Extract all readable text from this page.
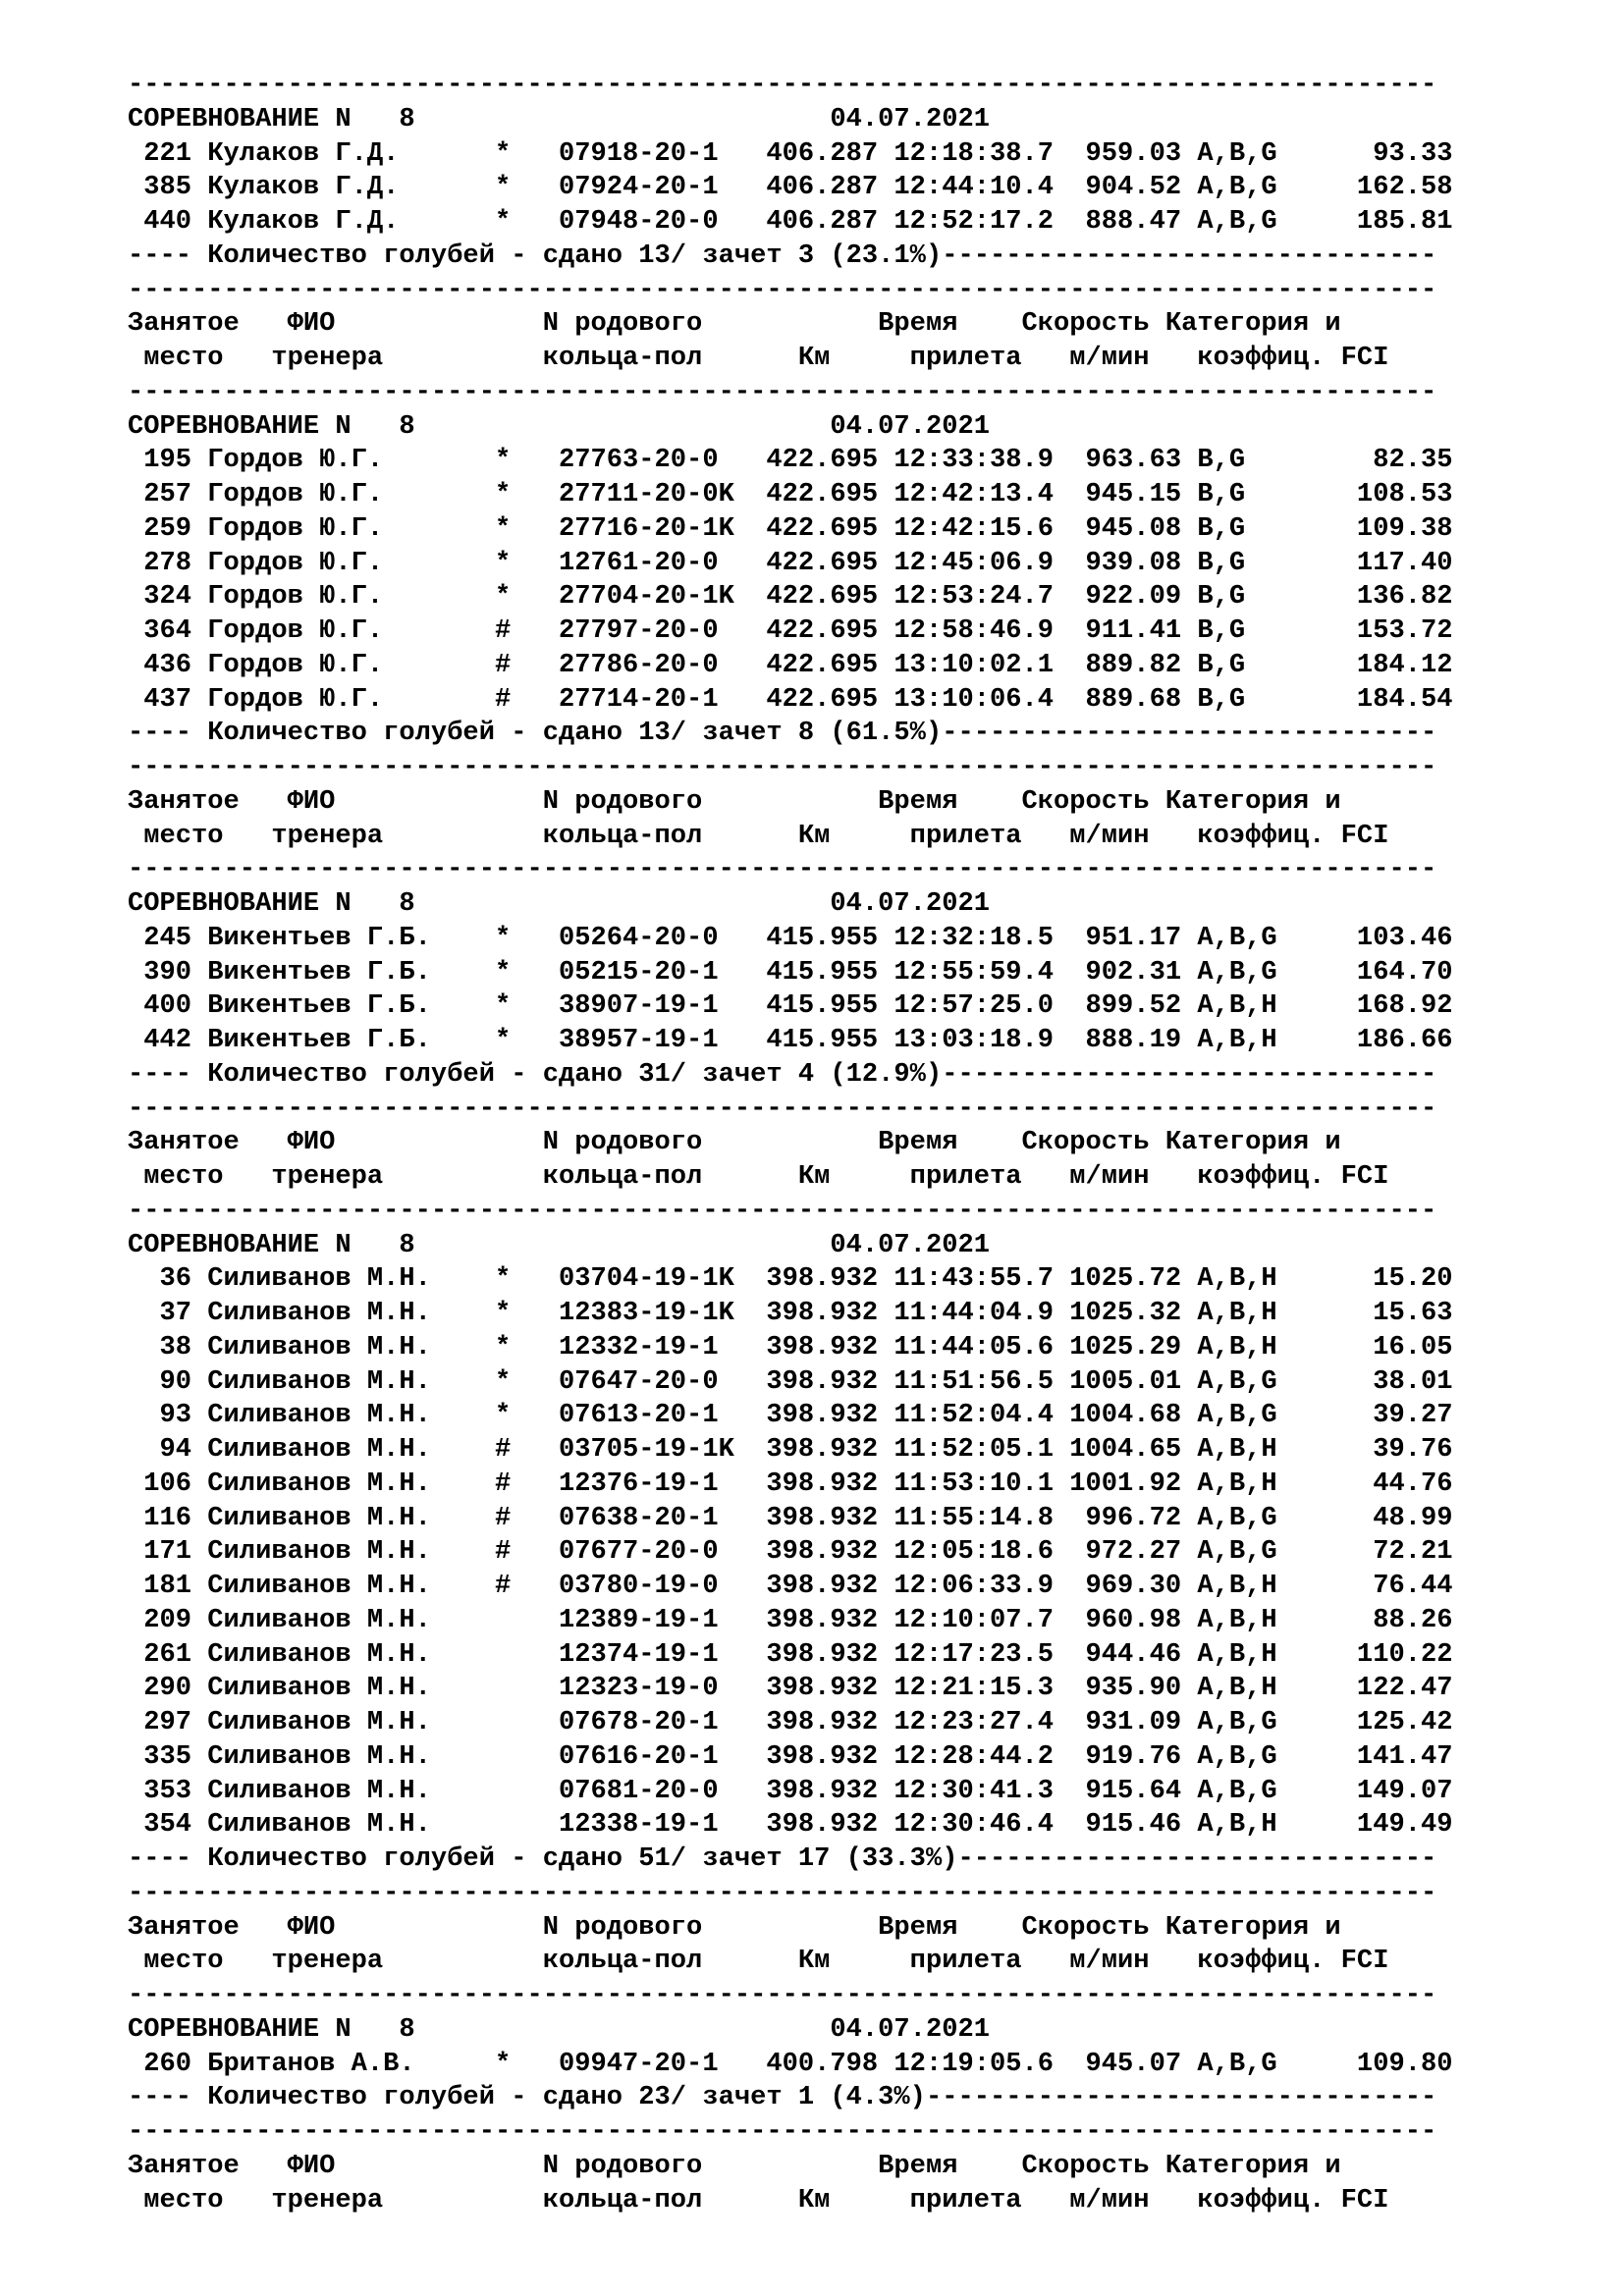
----------------------------------------------------------------------------------
СОРЕВНОВАНИЕ N   8                          04.07.2021
221 Кулаков Г.Д.      *   07918-20-1   406.287 12:18:38.7  959.03 A,B,G      93.33
385 Кулаков Г.Д.      *   07924-20-1   406.287 12:44:10.4  904.52 A,B,G     162.58
440 Кулаков Г.Д.      *   07948-20-0   406.287 12:52:17.2  888.47 A,B,G     185.81
---- Количество голубей - сдано 13/ зачет 3 (23.1%)-------------------------------
----------------------------------------------------------------------------------
Занятое   ФИО             N родового           Время    Скорость Категория и
место   тренера          кольца-пол      Км     прилета   м/мин   коэффиц. FCI
----------------------------------------------------------------------------------
СОРЕВНОВАНИЕ N   8                          04.07.2021
195 Гордов Ю.Г.       *   27763-20-0   422.695 12:33:38.9  963.63 B,G        82.35
257 Гордов Ю.Г.       *   27711-20-0K  422.695 12:42:13.4  945.15 B,G       108.53
259 Гордов Ю.Г.       *   27716-20-1K  422.695 12:42:15.6  945.08 B,G       109.38
278 Гордов Ю.Г.       *   12761-20-0   422.695 12:45:06.9  939.08 B,G       117.40
324 Гордов Ю.Г.       *   27704-20-1K  422.695 12:53:24.7  922.09 B,G       136.82
364 Гордов Ю.Г.       #   27797-20-0   422.695 12:58:46.9  911.41 B,G       153.72
436 Гордов Ю.Г.       #   27786-20-0   422.695 13:10:02.1  889.82 B,G       184.12
437 Гордов Ю.Г.       #   27714-20-1   422.695 13:10:06.4  889.68 B,G       184.54
---- Количество голубей - сдано 13/ зачет 8 (61.5%)-------------------------------
----------------------------------------------------------------------------------
Занятое   ФИО             N родового           Время    Скорость Категория и
место   тренера          кольца-пол      Км     прилета   м/мин   коэффиц. FCI
----------------------------------------------------------------------------------
СОРЕВНОВАНИЕ N   8                          04.07.2021
245 Викентьев Г.Б.    *   05264-20-0   415.955 12:32:18.5  951.17 A,B,G     103.46
390 Викентьев Г.Б.    *   05215-20-1   415.955 12:55:59.4  902.31 A,B,G     164.70
400 Викентьев Г.Б.    *   38907-19-1   415.955 12:57:25.0  899.52 A,B,H     168.92
442 Викентьев Г.Б.    *   38957-19-1   415.955 13:03:18.9  888.19 A,B,H     186.66
---- Количество голубей - сдано 31/ зачет 4 (12.9%)-------------------------------
----------------------------------------------------------------------------------
Занятое   ФИО             N родового           Время    Скорость Категория и
место   тренера          кольца-пол      Км     прилета   м/мин   коэффиц. FCI
----------------------------------------------------------------------------------
СОРЕВНОВАНИЕ N   8                          04.07.2021
36 Силиванов М.Н.    *   03704-19-1K  398.932 11:43:55.7 1025.72 A,B,H      15.20
37 Силиванов М.Н.    *   12383-19-1K  398.932 11:44:04.9 1025.32 A,B,H      15.63
38 Силиванов М.Н.    *   12332-19-1   398.932 11:44:05.6 1025.29 A,B,H      16.05
90 Силиванов М.Н.    *   07647-20-0   398.932 11:51:56.5 1005.01 A,B,G      38.01
93 Силиванов М.Н.    *   07613-20-1   398.932 11:52:04.4 1004.68 A,B,G      39.27
94 Силиванов М.Н.    #   03705-19-1K  398.932 11:52:05.1 1004.65 A,B,H      39.76
106 Силиванов М.Н.    #   12376-19-1   398.932 11:53:10.1 1001.92 A,B,H      44.76
116 Силиванов М.Н.    #   07638-20-1   398.932 11:55:14.8  996.72 A,B,G      48.99
171 Силиванов М.Н.    #   07677-20-0   398.932 12:05:18.6  972.27 A,B,G      72.21
181 Силиванов М.Н.    #   03780-19-0   398.932 12:06:33.9  969.30 A,B,H      76.44
209 Силиванов М.Н.        12389-19-1   398.932 12:10:07.7  960.98 A,B,H      88.26
261 Силиванов М.Н.        12374-19-1   398.932 12:17:23.5  944.46 A,B,H     110.22
290 Силиванов М.Н.        12323-19-0   398.932 12:21:15.3  935.90 A,B,H     122.47
297 Силиванов М.Н.        07678-20-1   398.932 12:23:27.4  931.09 A,B,G     125.42
335 Силиванов М.Н.        07616-20-1   398.932 12:28:44.2  919.76 A,B,G     141.47
353 Силиванов М.Н.        07681-20-0   398.932 12:30:41.3  915.64 A,B,G     149.07
354 Силиванов М.Н.        12338-19-1   398.932 12:30:46.4  915.46 A,B,H     149.49
---- Количество голубей - сдано 51/ зачет 17 (33.3%)------------------------------
----------------------------------------------------------------------------------
Занятое   ФИО             N родового           Время    Скорость Категория и
место   тренера          кольца-пол      Км     прилета   м/мин   коэффиц. FCI
----------------------------------------------------------------------------------
СОРЕВНОВАНИЕ N   8                          04.07.2021
260 Британов А.В.     *   09947-20-1   400.798 12:19:05.6  945.07 A,B,G     109.80
---- Количество голубей - сдано 23/ зачет 1 (4.3%)--------------------------------
----------------------------------------------------------------------------------
Занятое   ФИО             N родового           Время    Скорость Категория и
место   тренера          кольца-пол      Км     прилета   м/мин   коэффиц. FCI
